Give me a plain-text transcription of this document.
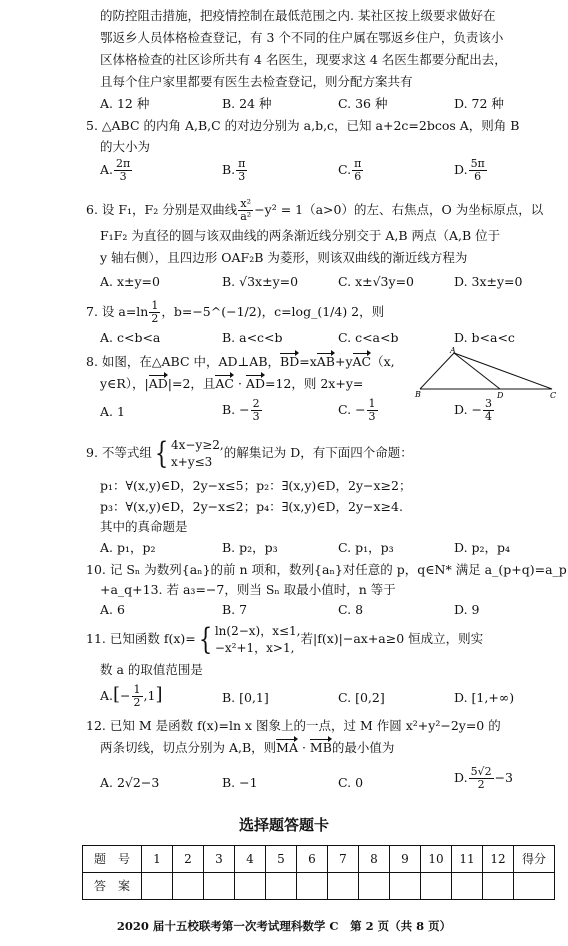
的防控阻击措施，把疫情控制在最低范围之内. 某社区按上级要求做好在
鄂返乡人员体格检查登记，有 3 个不同的住户属在鄂返乡住户，负责该小
区体格检查的社区诊所共有 4 名医生，现要求这 4 名医生都要分配出去，
且每个住户家里都要有医生去检查登记，则分配方案共有
A. 12 种	B. 24 种	C. 36 种	D. 72 种
5. △ABC 的内角 A,B,C 的对边分别为 a,b,c，已知 a+2c=2bcos A，则角 B
的大小为
A. $\frac{2\pi}{3}$	B. $\frac{\pi}{3}$	C. $\frac{\pi}{6}$	D. $\frac{5\pi}{6}$
6. 设 F₁，F₂ 分别是双曲线 $\frac{\text{x²}}{\text{a²}} -y^2 = 1(a>0)$的左、右焦点，O 为坐标原点，以
F₁F₂ 为直径的圆与该双曲线的两条渐近线分别交于 A,B 两点（A,B 位于
y 轴右侧），且四边形 OAF₂B 为菱形，则该双曲线的渐近线方程为
A. x±y=0	B. √3x±y=0	C. x±√3y=0	D. 3x±y=0
7. 设 $a=\ln \frac{1}{2}$ ，b=−5^(−1/2)，c=log_(1/4) 2，则
A. c<b<a	B. a<c<b	C. c<a<b	D. b<a<c
8. 如图，在△ABC 中，AD⊥AB，BD=xAB+yAC（x,
y∈R），|AD|=2，且AC · AD=12，则 2x+y=
A. 1	B. − $\frac{2}{3}$	C. − $\frac{1}{3}$	D. − $\frac{3}{4}$
A
B	D	C
9. 不等式组{ 4x−y≥2,
x+y≤3的解集记为 D，有下面四个命题：
p₁：∀(x,y)∈D，2y−x≤5；p₂：∃(x,y)∈D，2y−x≥2；
p₃：∀(x,y)∈D，2y−x≤2；p₄：∃(x,y)∈D，2y−x≥4.
其中的真命题是
A. p₁，p₂	B. p₂，p₃	C. p₁，p₃	D. p₂，p₄
10. 记 Sₙ 为数列{aₙ}的前 n 项和，数列{aₙ}对任意的 p，q∈N* 满足 a_(p+q)=a_p
+a_q+13. 若 a₃=−7，则当 Sₙ 取最小值时，n 等于
A. 6	B. 7	C. 8	D. 9
11. 已知函数 f(x)={ ln(2−x)，x≤1,
−x²+1，x>1,若|f(x)|−ax+a≥0 恒成立，则实
数 a 的取值范围是
$A.[- \frac{1}{2} ,1]$	B. [0,1]	C. [0,2]	D. [1,+∞)
12. 已知 M 是函数 f(x)=ln x 图象上的一点，过 M 作圆 x²+y²−2y=0 的
两条切线，切点分别为 A,B，则MA · MB的最小值为
A. 2√2−3	B. −1	C. 0	D. $\frac{5√2}{2} -3$
选择题答题卡
题　号	1	2	3	4	5	6	7	8	9	10	11	12	得分
答　案													
2020 届十五校联考第一次考试理科数学 C　第 2 页（共 8 页）
